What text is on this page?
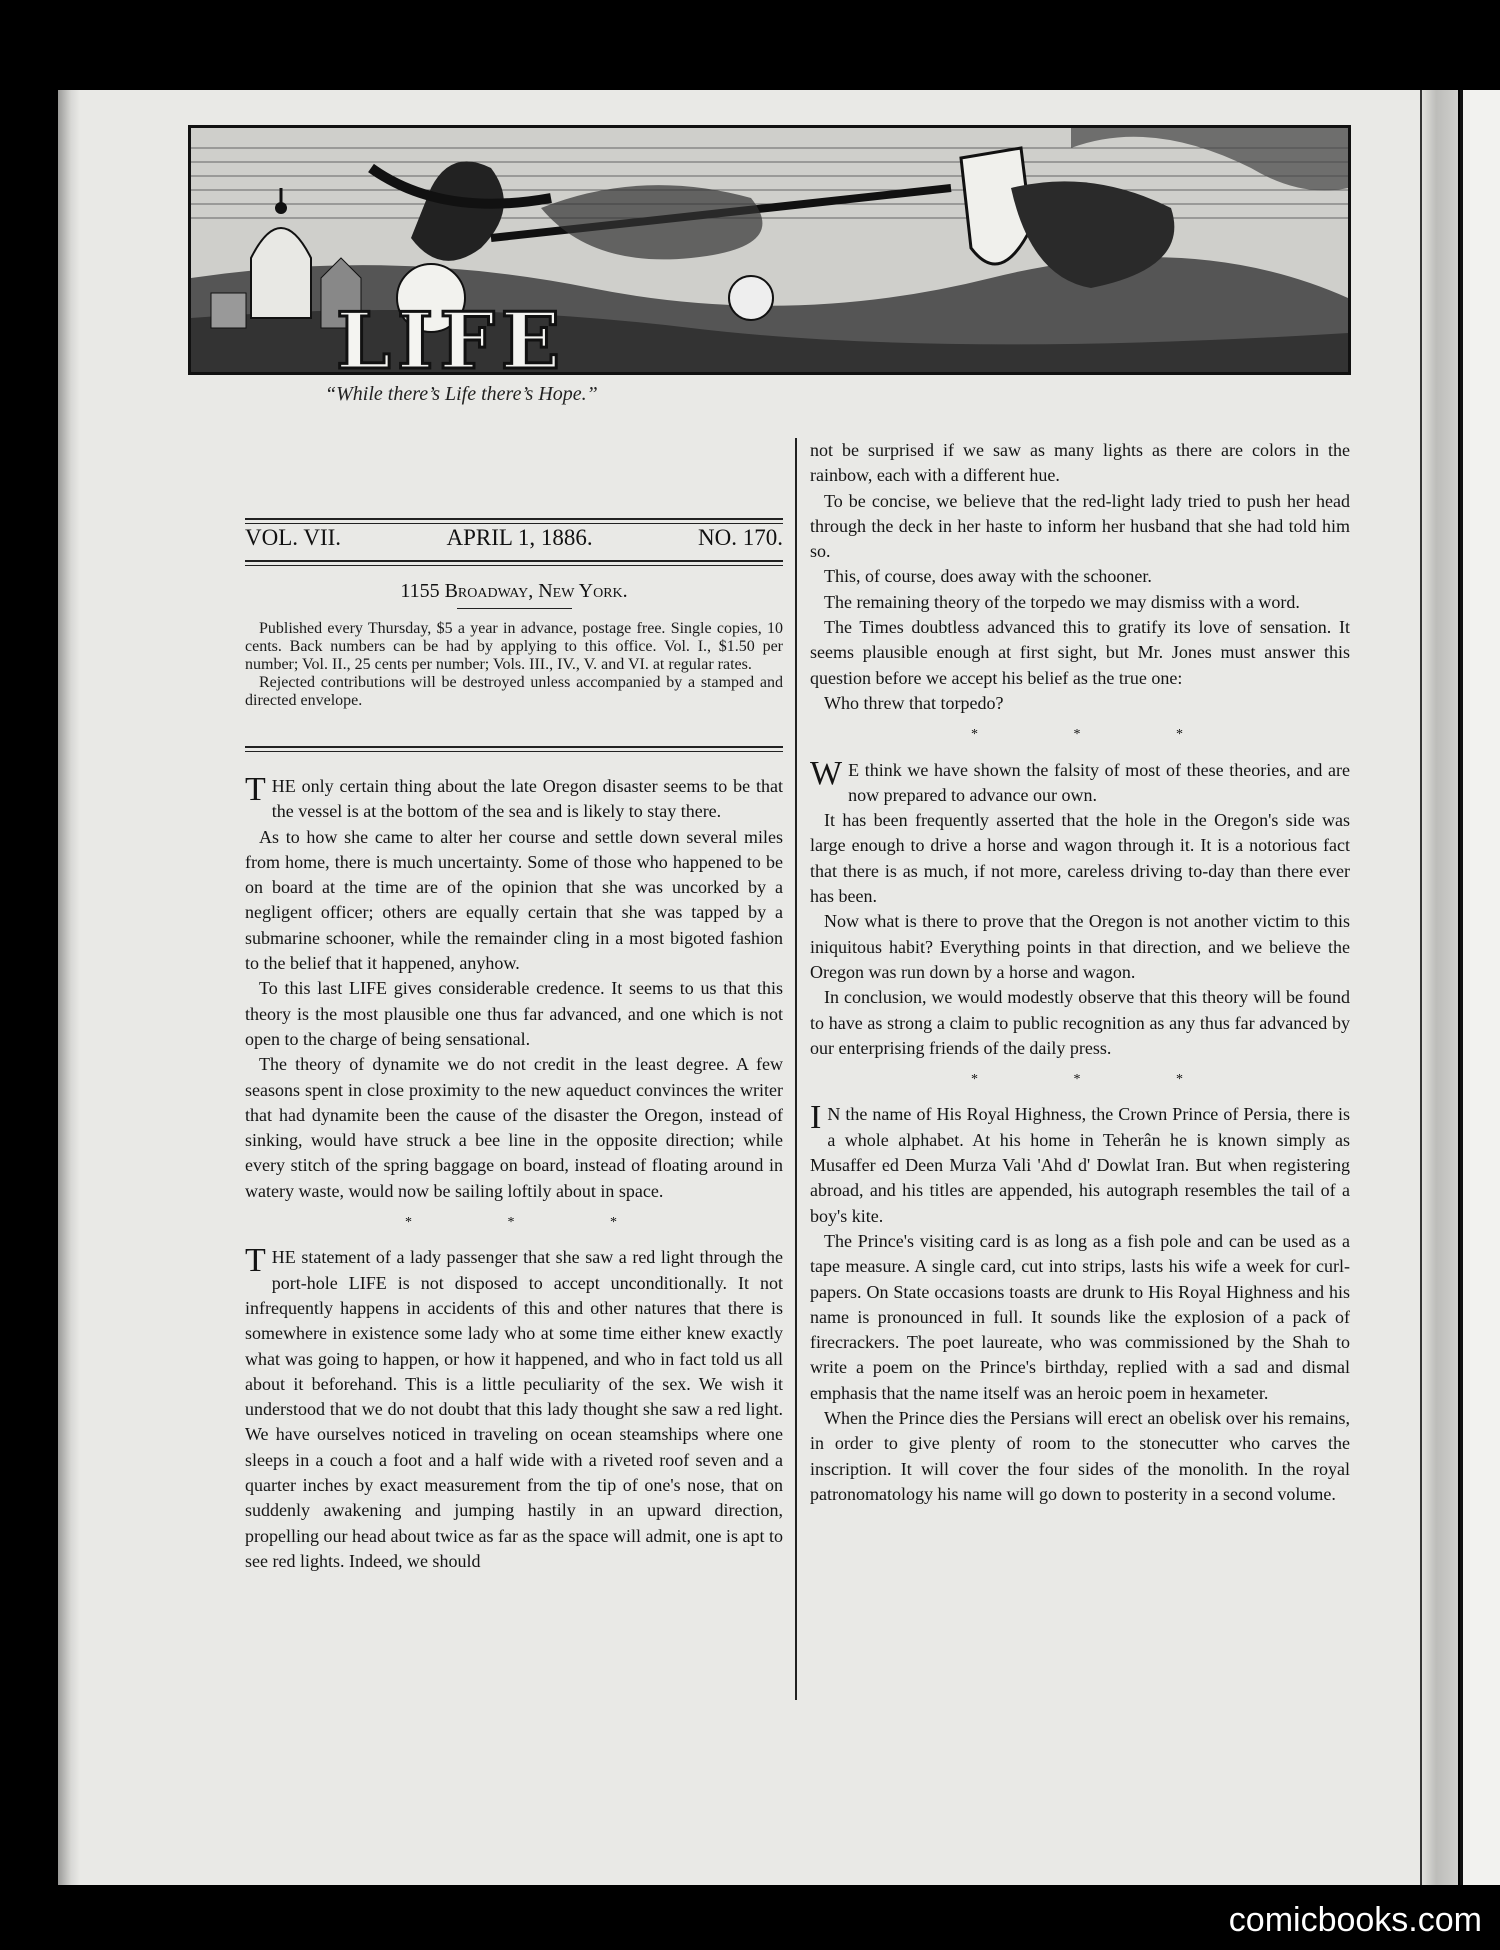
LIFE
“While there’s Life there’s Hope.”
VOL. VII.	APRIL 1, 1886.	NO. 170.
1155 Broadway, New York.

Published every Thursday, $5 a year in advance, postage free. Single copies, 10 cents. Back numbers can be had by applying to this office. Vol. I., $1.50 per number; Vol. II., 25 cents per number; Vols. III., IV., V. and VI. at regular rates.

Rejected contributions will be destroyed unless accompanied by a stamped and directed envelope.

THE only certain thing about the late Oregon disaster seems to be that the vessel is at the bottom of the sea and is likely to stay there.

As to how she came to alter her course and settle down several miles from home, there is much uncertainty. Some of those who happened to be on board at the time are of the opinion that she was uncorked by a negligent officer; others are equally certain that she was tapped by a submarine schooner, while the remainder cling in a most bigoted fashion to the belief that it happened, anyhow.

To this last LIFE gives considerable credence. It seems to us that this theory is the most plausible one thus far advanced, and one which is not open to the charge of being sensational.

The theory of dynamite we do not credit in the least degree. A few seasons spent in close proximity to the new aqueduct convinces the writer that had dynamite been the cause of the disaster the Oregon, instead of sinking, would have struck a bee line in the opposite direction; while every stitch of the spring baggage on board, instead of floating around in watery waste, would now be sailing loftily about in space.

* * *

THE statement of a lady passenger that she saw a red light through the port-hole LIFE is not disposed to accept unconditionally. It not infrequently happens in accidents of this and other natures that there is somewhere in existence some lady who at some time either knew exactly what was going to happen, or how it happened, and who in fact told us all about it beforehand. This is a little peculiarity of the sex. We wish it understood that we do not doubt that this lady thought she saw a red light. We have ourselves noticed in traveling on ocean steamships where one sleeps in a couch a foot and a half wide with a riveted roof seven and a quarter inches by exact measurement from the tip of one's nose, that on suddenly awakening and jumping hastily in an upward direction, propelling our head about twice as far as the space will admit, one is apt to see red lights. Indeed, we should

not be surprised if we saw as many lights as there are colors in the rainbow, each with a different hue.

To be concise, we believe that the red-light lady tried to push her head through the deck in her haste to inform her husband that she had told him so.

This, of course, does away with the schooner.

The remaining theory of the torpedo we may dismiss with a word.

The Times doubtless advanced this to gratify its love of sensation. It seems plausible enough at first sight, but Mr. Jones must answer this question before we accept his belief as the true one:

Who threw that torpedo?

* * *

W E think we have shown the falsity of most of these theories, and are now prepared to advance our own.

It has been frequently asserted that the hole in the Oregon's side was large enough to drive a horse and wagon through it. It is a notorious fact that there is as much, if not more, careless driving to-day than there ever has been.

Now what is there to prove that the Oregon is not another victim to this iniquitous habit? Everything points in that direction, and we believe the Oregon was run down by a horse and wagon.

In conclusion, we would modestly observe that this theory will be found to have as strong a claim to public recognition as any thus far advanced by our enterprising friends of the daily press.

* * *

I N the name of His Royal Highness, the Crown Prince of Persia, there is a whole alphabet. At his home in Teherân he is known simply as Musaffer ed Deen Murza Vali 'Ahd d' Dowlat Iran. But when registering abroad, and his titles are appended, his autograph resembles the tail of a boy's kite.

The Prince's visiting card is as long as a fish pole and can be used as a tape measure. A single card, cut into strips, lasts his wife a week for curl-papers. On State occasions toasts are drunk to His Royal Highness and his name is pronounced in full. It sounds like the explosion of a pack of firecrackers. The poet laureate, who was commissioned by the Shah to write a poem on the Prince's birthday, replied with a sad and dismal emphasis that the name itself was an heroic poem in hexameter.

When the Prince dies the Persians will erect an obelisk over his remains, in order to give plenty of room to the stonecutter who carves the inscription. It will cover the four sides of the monolith. In the royal patronomatology his name will go down to posterity in a second volume.

comicbooks.com
